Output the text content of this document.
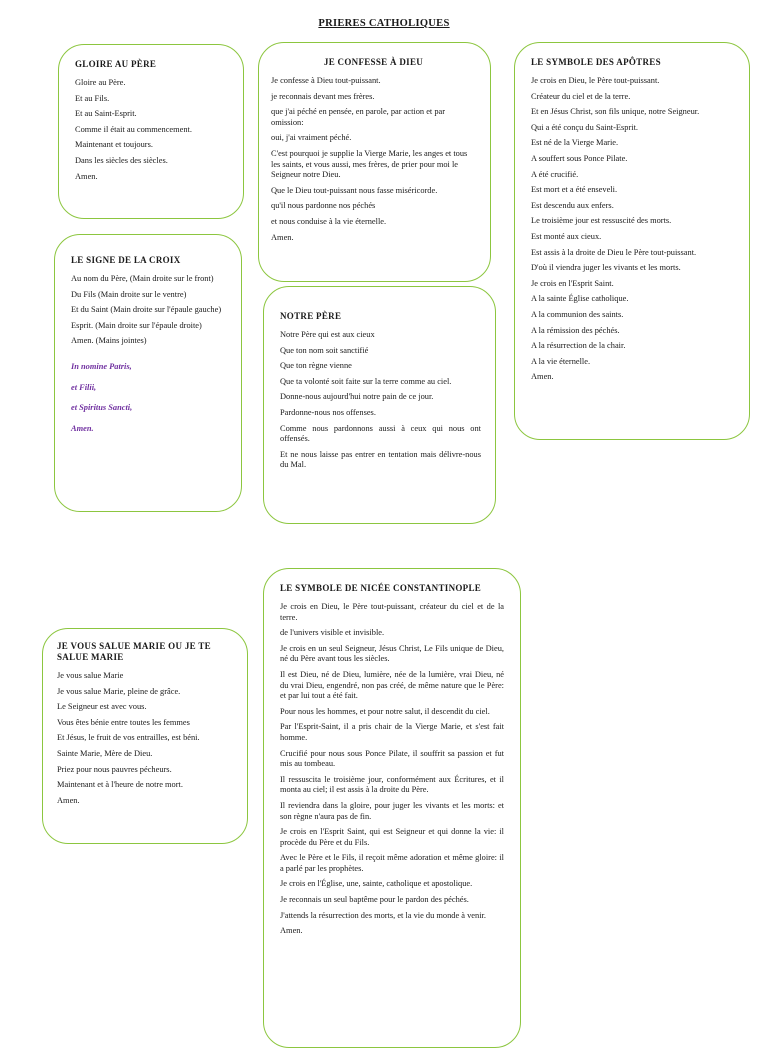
PRIERES CATHOLIQUES
GLOIRE AU PÈRE

Gloire au Père.

Et au Fils.

Et au Saint-Esprit.

Comme il était au commencement.

Maintenant et toujours.

Dans les siècles des siècles.

Amen.

JE CONFESSE À DIEU

Je confesse à Dieu tout-puissant.

je reconnais devant mes frères.

que j'ai péché en pensée, en parole, par action et par omission:

oui, j'ai vraiment péché.

C'est pourquoi je supplie la Vierge Marie, les anges et tous les saints, et vous aussi, mes frères, de prier pour moi le Seigneur notre Dieu.

Que le Dieu tout-puissant nous fasse miséricorde.

qu'il nous pardonne nos péchés

et nous conduise à la vie éternelle.

Amen.

LE SYMBOLE DES APÔTRES

Je crois en Dieu, le Père tout-puissant.

Créateur du ciel et de la terre.

Et en Jésus Christ, son fils unique, notre Seigneur.

Qui a été conçu du Saint-Esprit.

Est né de la Vierge Marie.

A souffert sous Ponce Pilate.

A été crucifié.

Est mort et a été enseveli.

Est descendu aux enfers.

Le troisième jour est ressuscité des morts.

Est monté aux cieux.

Est assis à la droite de Dieu le Père tout-puissant.

D'où il viendra juger les vivants et les morts.

Je crois en l'Esprit Saint.

A la sainte Église catholique.

A la communion des saints.

A la rémission des péchés.

A la résurrection de la chair.

A la vie éternelle.

Amen.

LE SIGNE DE LA CROIX

Au nom du Père, (Main droite sur le front)

Du Fils (Main droite sur le ventre)

Et du Saint (Main droite sur l'épaule gauche)

Esprit. (Main droite sur l'épaule droite)

Amen. (Mains jointes)

In nomine Patris,

et Filii,

et Spiritus Sancti,

Amen.

NOTRE PÈRE

Notre Père qui est aux cieux

Que ton nom soit sanctifié

Que ton règne vienne

Que ta volonté soit faite sur la terre comme au ciel.

Donne-nous aujourd'hui notre pain de ce jour.

Pardonne-nous nos offenses.

Comme nous pardonnons aussi à ceux qui nous ont offensés.

Et ne nous laisse pas entrer en tentation mais délivre-nous du Mal.

JE VOUS SALUE MARIE OU JE TE SALUE MARIE

Je vous salue Marie

Je vous salue Marie, pleine de grâce.

Le Seigneur est avec vous.

Vous êtes bénie entre toutes les femmes

Et Jésus, le fruit de vos entrailles, est béni.

Sainte Marie, Mère de Dieu.

Priez pour nous pauvres pécheurs.

Maintenant et à l'heure de notre mort.

Amen.

LE SYMBOLE DE NICÉE CONSTANTINOPLE

Je crois en Dieu, le Père tout-puissant, créateur du ciel et de la terre.

de l'univers visible et invisible.

Je crois en un seul Seigneur, Jésus Christ, Le Fils unique de Dieu, né du Père avant tous les siècles.

Il est Dieu, né de Dieu, lumière, née de la lumière, vrai Dieu, né du vrai Dieu, engendré, non pas créé, de même nature que le Père: et par lui tout a été fait.

Pour nous les hommes, et pour notre salut, il descendit du ciel.

Par l'Esprit-Saint, il a pris chair de la Vierge Marie, et s'est fait homme.

Crucifié pour nous sous Ponce Pilate, il souffrit sa passion et fut mis au tombeau.

Il ressuscita le troisième jour, conformément aux Écritures, et il monta au ciel; il est assis à la droite du Père.

Il reviendra dans la gloire, pour juger les vivants et les morts: et son règne n'aura pas de fin.

Je crois en l'Esprit Saint, qui est Seigneur et qui donne la vie: il procède du Père et du Fils.

Avec le Père et le Fils, il reçoit même adoration et même gloire: il a parlé par les prophètes.

Je crois en l'Église, une, sainte, catholique et apostolique.

Je reconnais un seul baptême pour le pardon des péchés.

J'attends la résurrection des morts, et la vie du monde à venir.

Amen.
